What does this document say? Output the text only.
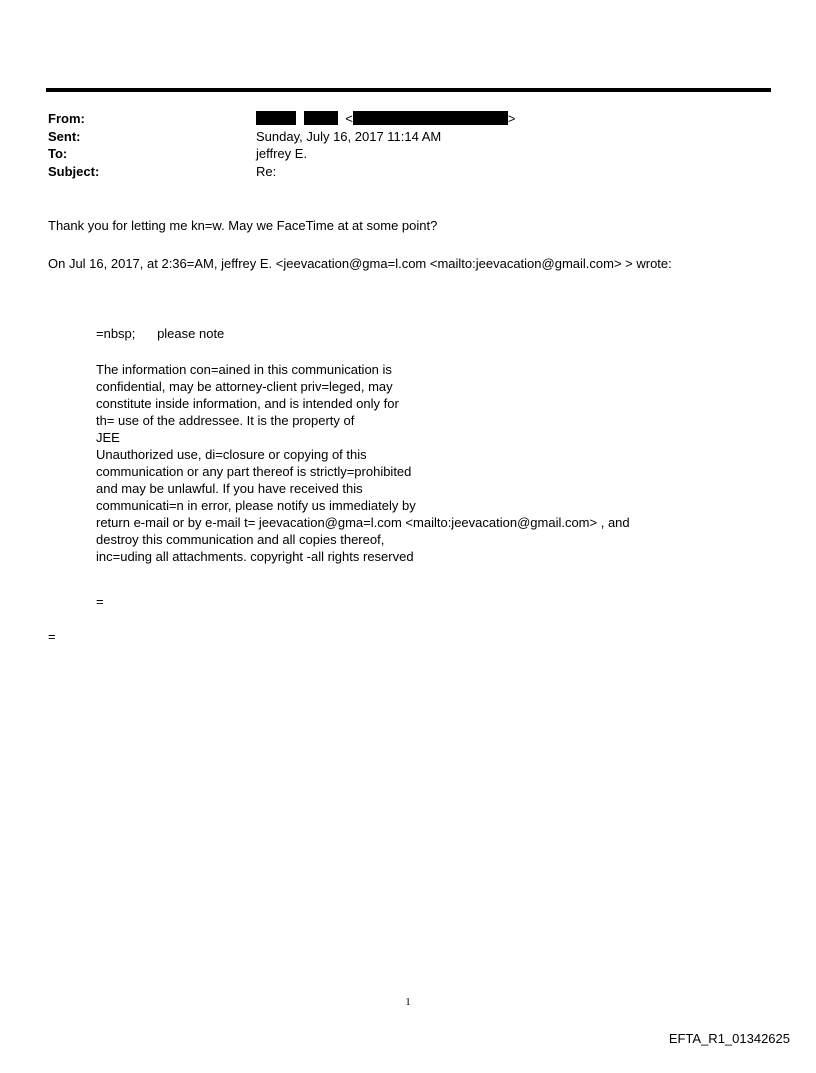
From:	<	>
Sent:	Sunday, July 16, 2017 11:14 AM
To:	jeffrey E.
Subject:	Re:
Thank you for letting me kn=w. May we FaceTime at at some point?
On Jul 16, 2017, at 2:36=AM, jeffrey E. <jeevacation@gma=l.com <mailto:jeevacation@gmail.com> > wrote:
=nbsp;      please note
The information con=ained in this communication is
confidential, may be attorney-client priv=leged, may
constitute inside information, and is intended only for
th= use of the addressee. It is the property of
JEE
Unauthorized use, di=closure or copying of this
communication or any part thereof is strictly=prohibited
and may be unlawful. If you have received this
communicati=n in error, please notify us immediately by
return e-mail or by e-mail t= jeevacation@gma=l.com <mailto:jeevacation@gmail.com> , and
destroy this communication and all copies thereof,
inc=uding all attachments. copyright -all rights reserved
=
=
1
EFTA_R1_01342625
